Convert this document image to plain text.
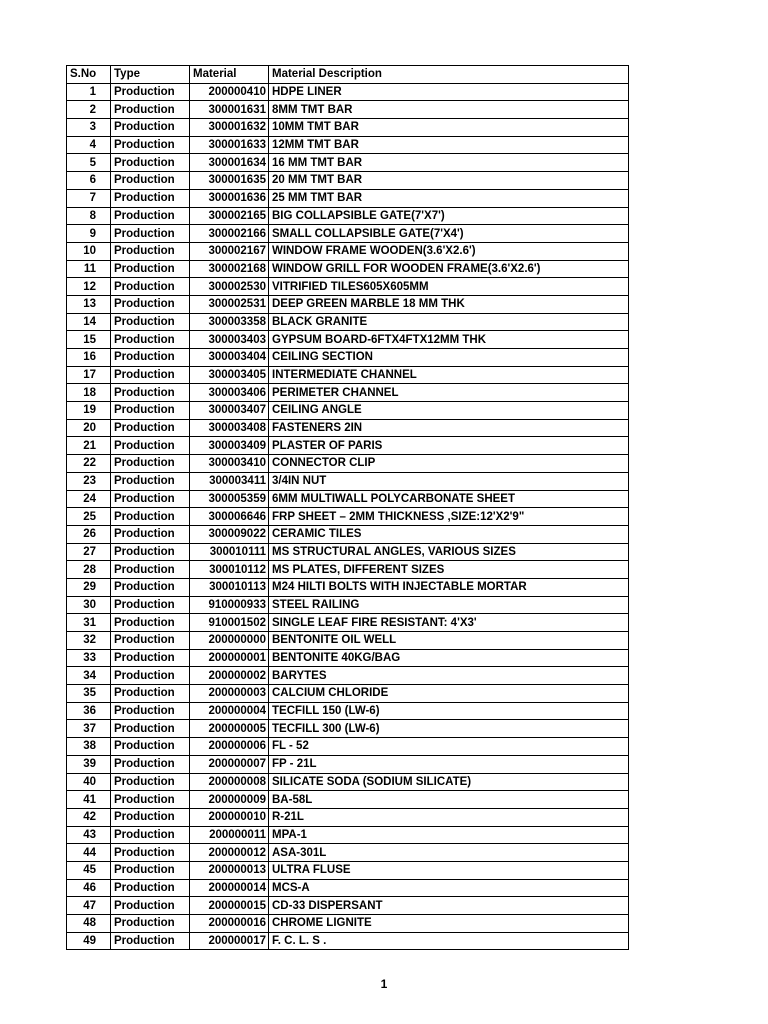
S.No	Type	Material	Material Description
1	Production	200000410	HDPE LINER
2	Production	300001631	8MM TMT BAR
3	Production	300001632	10MM TMT BAR
4	Production	300001633	12MM TMT BAR
5	Production	300001634	16 MM TMT BAR
6	Production	300001635	20 MM TMT BAR
7	Production	300001636	25 MM TMT BAR
8	Production	300002165	BIG COLLAPSIBLE GATE(7'X7')
9	Production	300002166	SMALL COLLAPSIBLE GATE(7'X4')
10	Production	300002167	WINDOW FRAME WOODEN(3.6'X2.6')
11	Production	300002168	WINDOW GRILL FOR WOODEN FRAME(3.6'X2.6')
12	Production	300002530	VITRIFIED TILES605X605MM
13	Production	300002531	DEEP GREEN MARBLE 18 MM THK
14	Production	300003358	BLACK GRANITE
15	Production	300003403	GYPSUM BOARD-6FTX4FTX12MM THK
16	Production	300003404	CEILING SECTION
17	Production	300003405	INTERMEDIATE CHANNEL
18	Production	300003406	PERIMETER CHANNEL
19	Production	300003407	CEILING ANGLE
20	Production	300003408	FASTENERS 2IN
21	Production	300003409	PLASTER OF PARIS
22	Production	300003410	CONNECTOR CLIP
23	Production	300003411	3/4IN NUT
24	Production	300005359	6MM MULTIWALL POLYCARBONATE SHEET
25	Production	300006646	FRP SHEET – 2MM THICKNESS ,SIZE:12'X2'9"
26	Production	300009022	CERAMIC TILES
27	Production	300010111	MS STRUCTURAL ANGLES, VARIOUS SIZES
28	Production	300010112	MS PLATES, DIFFERENT SIZES
29	Production	300010113	M24 HILTI BOLTS WITH INJECTABLE MORTAR
30	Production	910000933	STEEL RAILING
31	Production	910001502	SINGLE LEAF FIRE RESISTANT: 4'X3'
32	Production	200000000	BENTONITE OIL WELL
33	Production	200000001	BENTONITE 40KG/BAG
34	Production	200000002	BARYTES
35	Production	200000003	CALCIUM CHLORIDE
36	Production	200000004	TECFILL 150 (LW-6)
37	Production	200000005	TECFILL 300 (LW-6)
38	Production	200000006	FL - 52
39	Production	200000007	FP - 21L
40	Production	200000008	SILICATE SODA (SODIUM SILICATE)
41	Production	200000009	BA-58L
42	Production	200000010	R-21L
43	Production	200000011	MPA-1
44	Production	200000012	ASA-301L
45	Production	200000013	ULTRA FLUSE
46	Production	200000014	MCS-A
47	Production	200000015	CD-33 DISPERSANT
48	Production	200000016	CHROME LIGNITE
49	Production	200000017	F. C. L. S .
1
